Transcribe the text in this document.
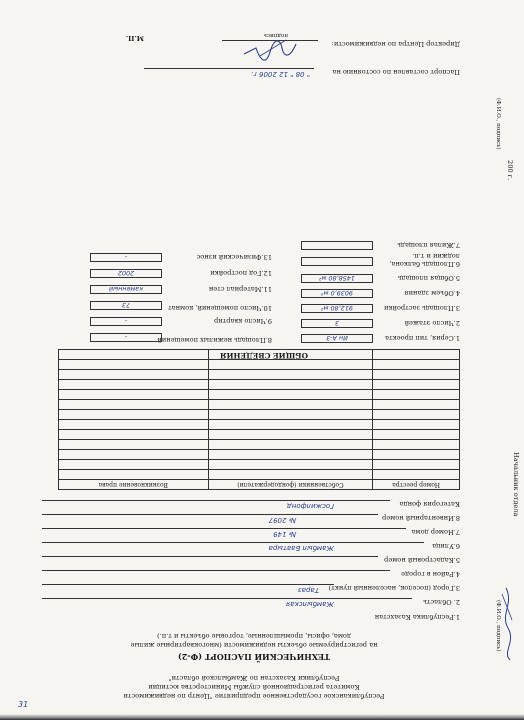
Республиканское государственное предприятие "Центр по недвижимости
Комитета регистрационной службы Министерства юстиции
Республики Казахстан по Жамбылской области"
ТЕХНИЧЕСКИЙ ПАСПОРТ (Ф-2)
на регистрируемые объекты недвижимости (многоквартирные жилые
дома, офисы, промышленные, торговые объекты и т.п.)
1.Республика Казахстан
2. Область
Жамбылская
3.Город (поселок, населенный пункт)
Тараз
4.Район в городе
5.Кадастровый номер
6.Улица
Жамбыл Баатыра
7.Номер дома
№ 149
8.Инвентарный номер
№ 2097
Категория фонда
Госжилфонд
Номер реестра	Собственники (фондодержатели)	Возникновение права

ОБЩИЕ СВЕДЕНИЯ
1.Серия, тип проекта
Ин А-3
2.Число этажей
3
3.Площадь застройки
912,80 м²
4.Объем здания
9039,0 м³
5.Общая площадь
1458,80 м²
6.Площадь балкона, лоджии и т.п.
7.Жилая площадь
8.Площадь нежилых помещений
-
9.Число квартир
-
10.Число помещений, комнат
73
11.Материал стен
каменный
12.Год постройки
2002
13.Физический износ
-
Паспорт составлен по состоянию на
" 08 " 12 2006 г.
Директор Центра по недвижимости:
подпись
М.П.
Начальник отдела
(Ф.И.О., подпись)
(Ф.И.О., подпись)
200 г.
31
